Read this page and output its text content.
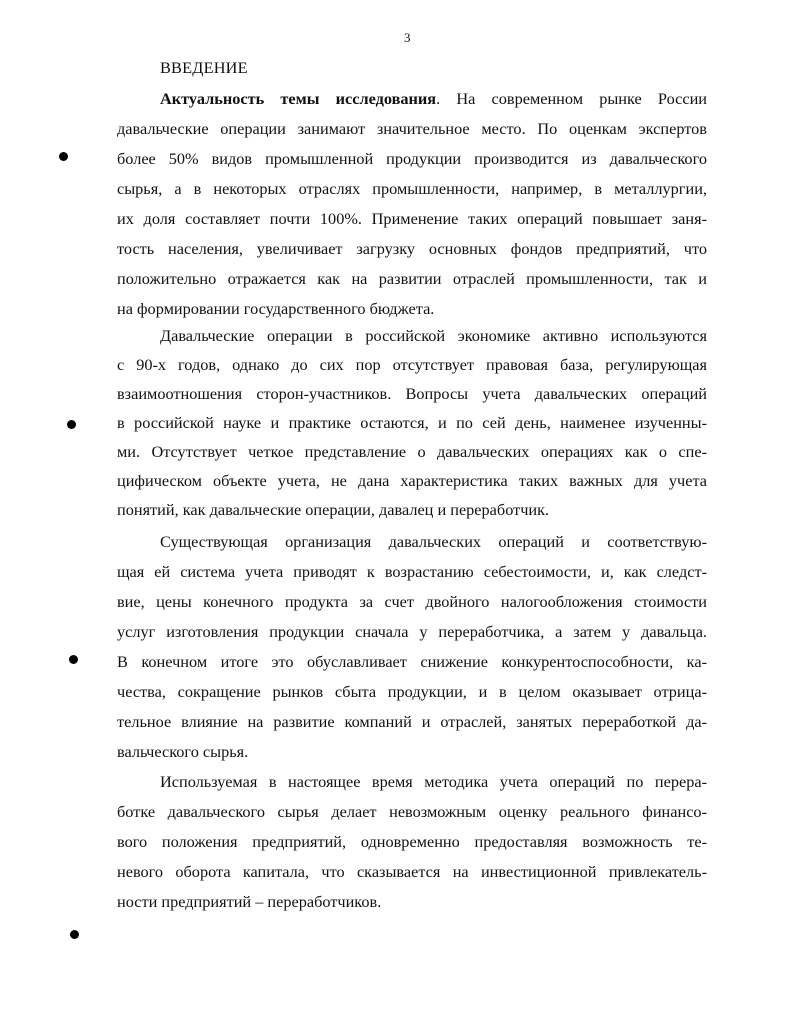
3
ВВЕДЕНИЕ
Актуальность темы исследования. На современном рынке России
давальческие операции занимают значительное место. По оценкам экспертов
более 50% видов промышленной продукции производится из давальческого
сырья, а в некоторых отраслях промышленности, например, в металлургии,
их доля составляет почти 100%. Применение таких операций повышает заня-
тость населения, увеличивает загрузку основных фондов предприятий, что
положительно отражается как на развитии отраслей промышленности, так и
на формировании государственного бюджета.
Давальческие операции в российской экономике активно используются
с 90-х годов, однако до сих пор отсутствует правовая база, регулирующая
взаимоотношения сторон-участников. Вопросы учета давальческих операций
в российской науке и практике остаются, и по сей день, наименее изученны-
ми. Отсутствует четкое представление о давальческих операциях как о спе-
цифическом объекте учета, не дана характеристика таких важных для учета
понятий, как давальческие операции, давалец и переработчик.
Существующая организация давальческих операций и соответствую-
щая ей система учета приводят к возрастанию себестоимости, и, как следст-
вие, цены конечного продукта за счет двойного налогообложения стоимости
услуг изготовления продукции сначала у переработчика, а затем у давальца.
В конечном итоге это обуславливает снижение конкурентоспособности, ка-
чества, сокращение рынков сбыта продукции, и в целом оказывает отрица-
тельное влияние на развитие компаний и отраслей, занятых переработкой да-
вальческого сырья.
Используемая в настоящее время методика учета операций по перера-
ботке давальческого сырья делает невозможным оценку реального финансо-
вого положения предприятий, одновременно предоставляя возможность те-
невого оборота капитала, что сказывается на инвестиционной привлекатель-
ности предприятий – переработчиков.
